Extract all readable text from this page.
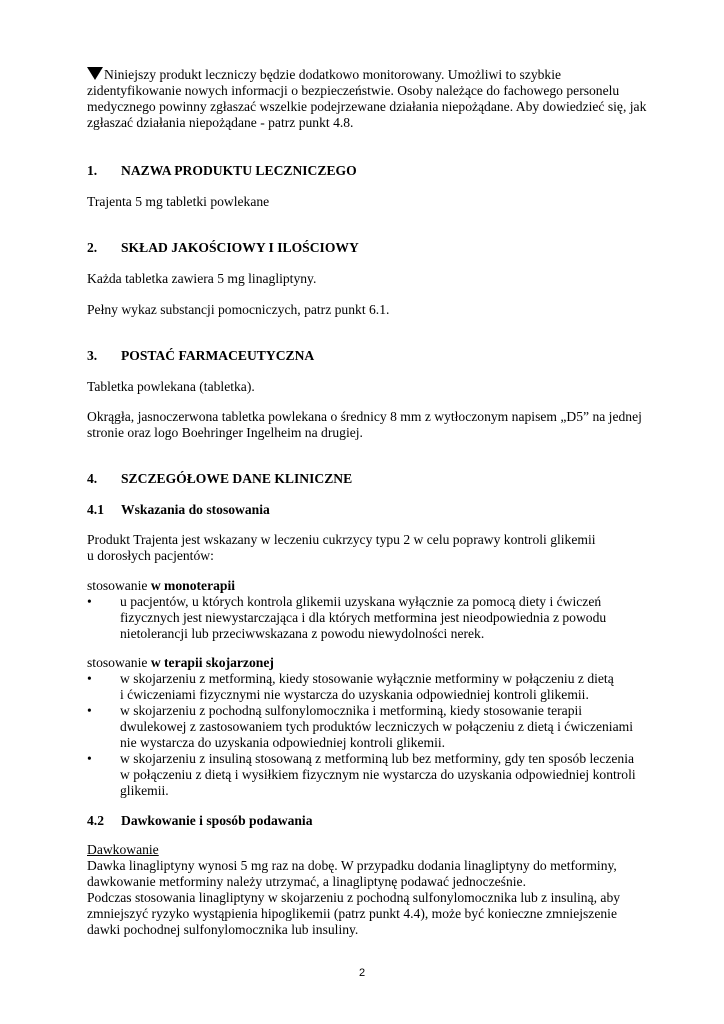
Niniejszy produkt leczniczy będzie dodatkowo monitorowany. Umożliwi to szybkie
zidentyfikowanie nowych informacji o bezpieczeństwie. Osoby należące do fachowego personelu
medycznego powinny zgłaszać wszelkie podejrzewane działania niepożądane. Aby dowiedzieć się, jak
zgłaszać działania niepożądane - patrz punkt 4.8.
1. NAZWA PRODUKTU LECZNICZEGO
Trajenta 5 mg tabletki powlekane
2. SKŁAD JAKOŚCIOWY I ILOŚCIOWY
Każda tabletka zawiera 5 mg linagliptyny.
Pełny wykaz substancji pomocniczych, patrz punkt 6.1.
3. POSTAĆ FARMACEUTYCZNA
Tabletka powlekana (tabletka).
Okrągła, jasnoczerwona tabletka powlekana o średnicy 8 mm z wytłoczonym napisem „D5” na jednej
stronie oraz logo Boehringer Ingelheim na drugiej.
4. SZCZEGÓŁOWE DANE KLINICZNE
4.1 Wskazania do stosowania
Produkt Trajenta jest wskazany w leczeniu cukrzycy typu 2 w celu poprawy kontroli glikemii
u dorosłych pacjentów:
stosowanie w monoterapii
• u pacjentów, u których kontrola glikemii uzyskana wyłącznie za pomocą diety i ćwiczeń
fizycznych jest niewystarczająca i dla których metformina jest nieodpowiednia z powodu
nietolerancji lub przeciwwskazana z powodu niewydolności nerek.
stosowanie w terapii skojarzonej
• w skojarzeniu z metforminą, kiedy stosowanie wyłącznie metforminy w połączeniu z dietą
i ćwiczeniami fizycznymi nie wystarcza do uzyskania odpowiedniej kontroli glikemii.
• w skojarzeniu z pochodną sulfonylomocznika i metforminą, kiedy stosowanie terapii
dwulekowej z zastosowaniem tych produktów leczniczych w połączeniu z dietą i ćwiczeniami
nie wystarcza do uzyskania odpowiedniej kontroli glikemii.
• w skojarzeniu z insuliną stosowaną z metforminą lub bez metforminy, gdy ten sposób leczenia
w połączeniu z dietą i wysiłkiem fizycznym nie wystarcza do uzyskania odpowiedniej kontroli
glikemii.
4.2 Dawkowanie i sposób podawania
Dawkowanie
Dawka linagliptyny wynosi 5 mg raz na dobę. W przypadku dodania linagliptyny do metforminy,
dawkowanie metforminy należy utrzymać, a linagliptynę podawać jednocześnie.
Podczas stosowania linagliptyny w skojarzeniu z pochodną sulfonylomocznika lub z insuliną, aby
zmniejszyć ryzyko wystąpienia hipoglikemii (patrz punkt 4.4), może być konieczne zmniejszenie
dawki pochodnej sulfonylomocznika lub insuliny.
2
